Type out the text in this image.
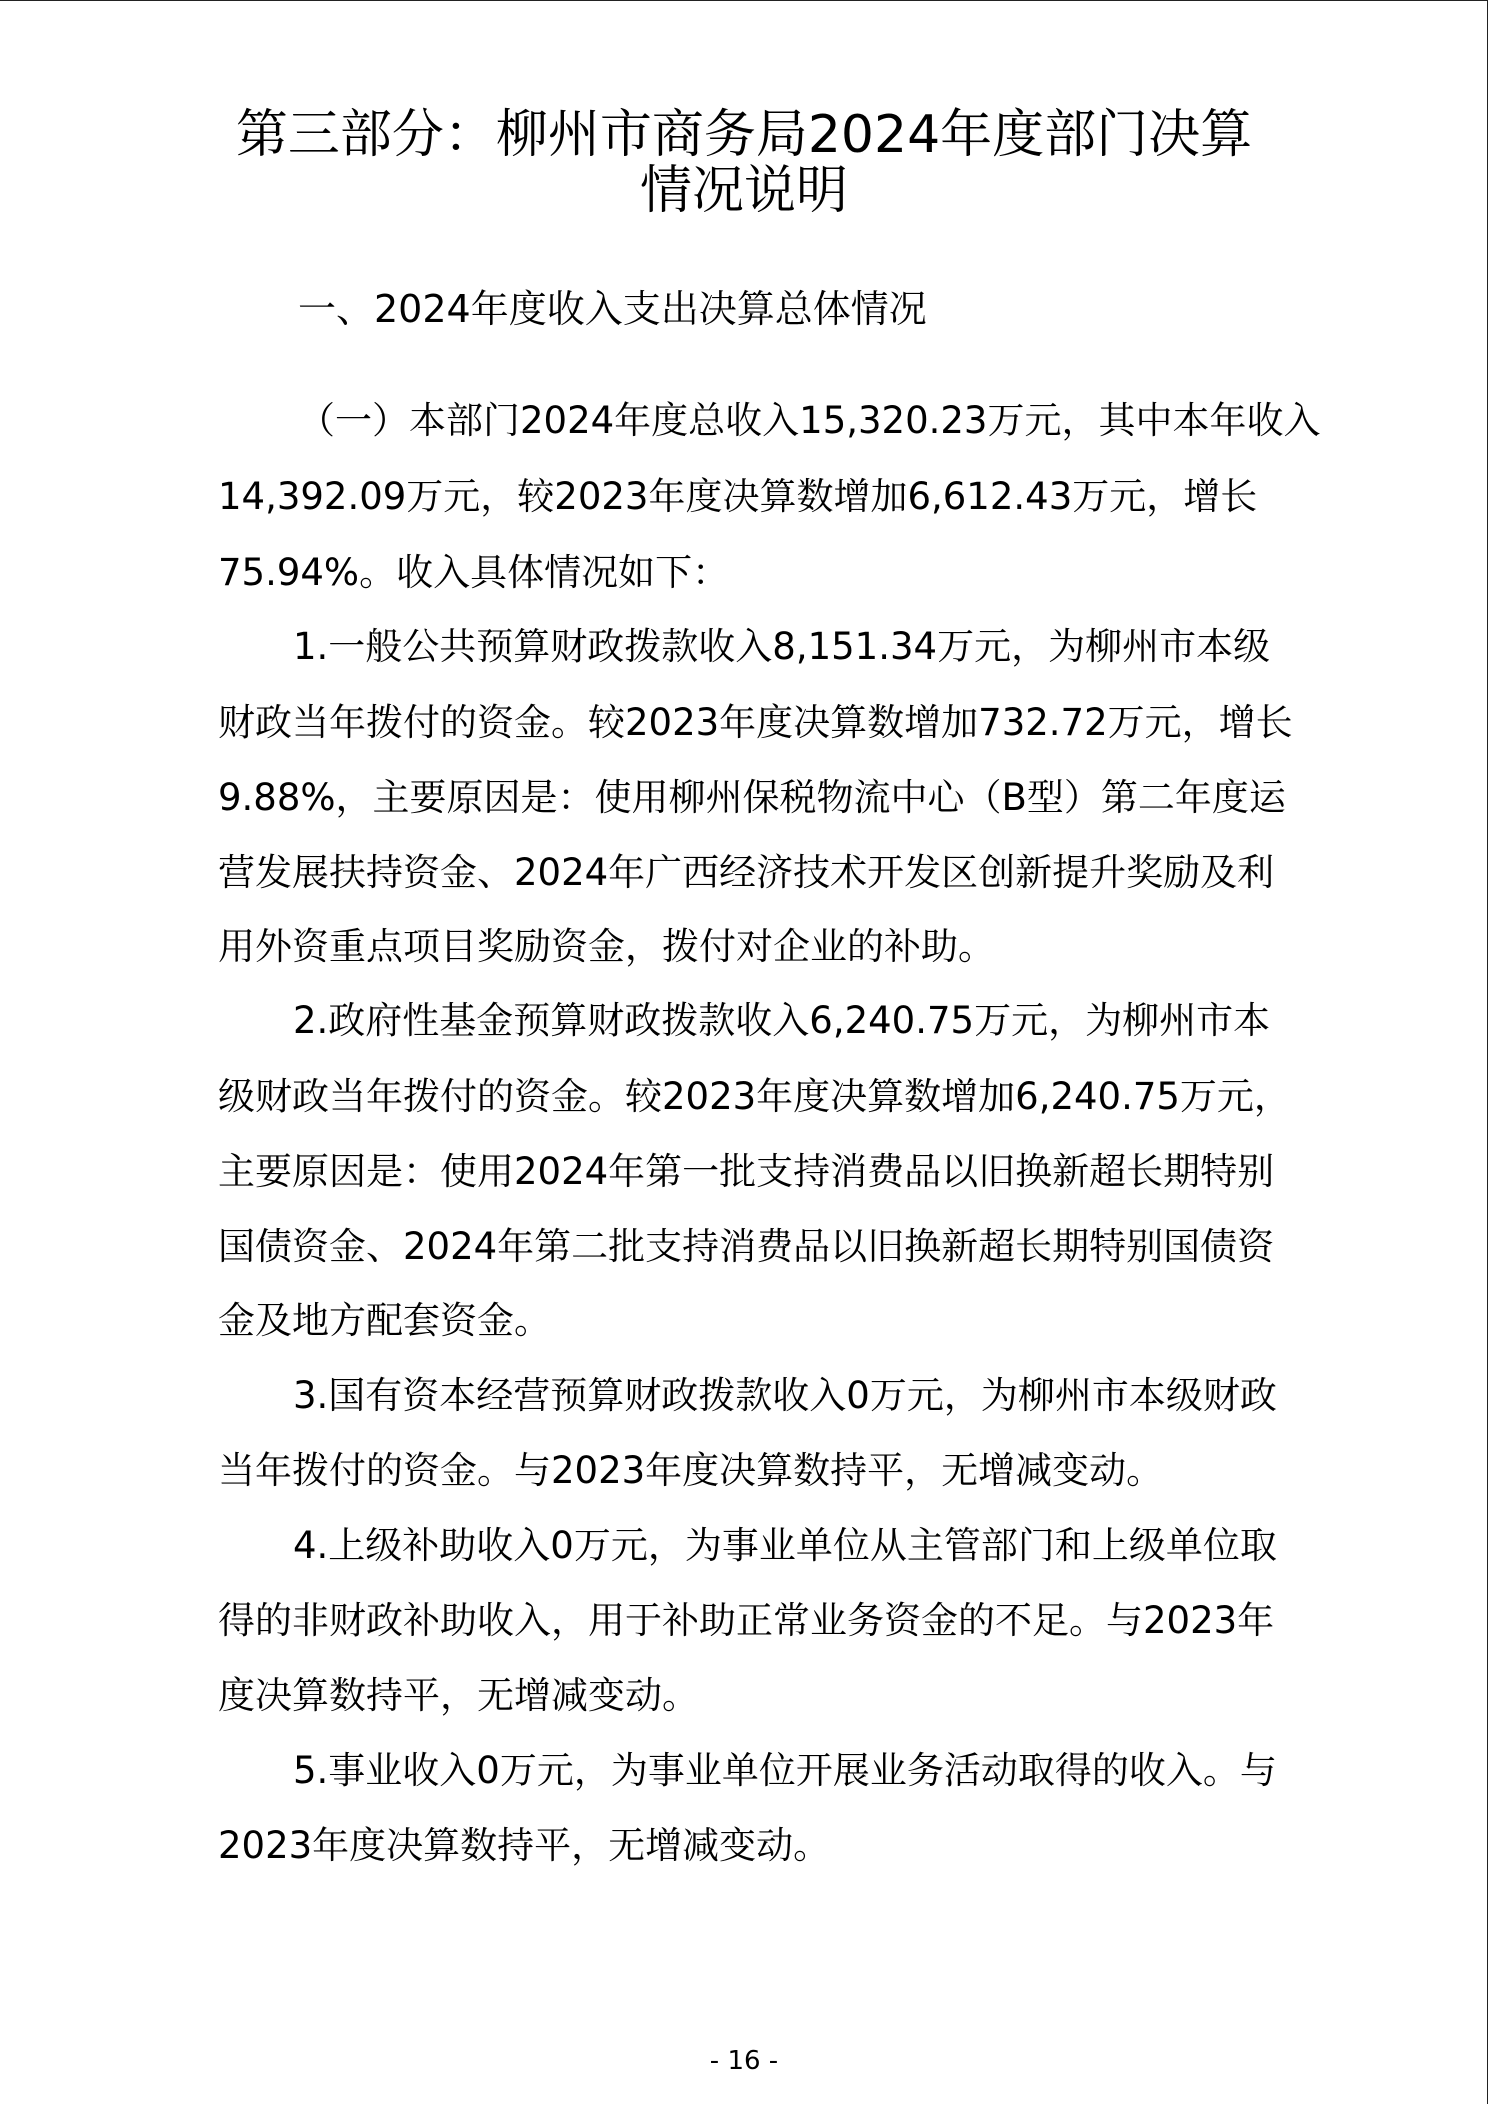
第三部分：柳州市商务局2024年度部门决算
情况说明
一、2024年度收入支出决算总体情况
（一）本部门2024年度总收入15,320.23万元，其中本年收入
14,392.09万元，较2023年度决算数增加6,612.43万元，增长
75.94%。收入具体情况如下：
1.一般公共预算财政拨款收入8,151.34万元，为柳州市本级
财政当年拨付的资金。较2023年度决算数增加732.72万元，增长
9.88%，主要原因是：使用柳州保税物流中心（B型）第二年度运
营发展扶持资金、2024年广西经济技术开发区创新提升奖励及利
用外资重点项目奖励资金，拨付对企业的补助。
2.政府性基金预算财政拨款收入6,240.75万元，为柳州市本
级财政当年拨付的资金。较2023年度决算数增加6,240.75万元，
主要原因是：使用2024年第一批支持消费品以旧换新超长期特别
国债资金、2024年第二批支持消费品以旧换新超长期特别国债资
金及地方配套资金。
3.国有资本经营预算财政拨款收入0万元，为柳州市本级财政
当年拨付的资金。与2023年度决算数持平，无增减变动。
4.上级补助收入0万元，为事业单位从主管部门和上级单位取
得的非财政补助收入，用于补助正常业务资金的不足。与2023年
度决算数持平，无增减变动。
5.事业收入0万元，为事业单位开展业务活动取得的收入。与
2023年度决算数持平，无增减变动。
- 16 -
